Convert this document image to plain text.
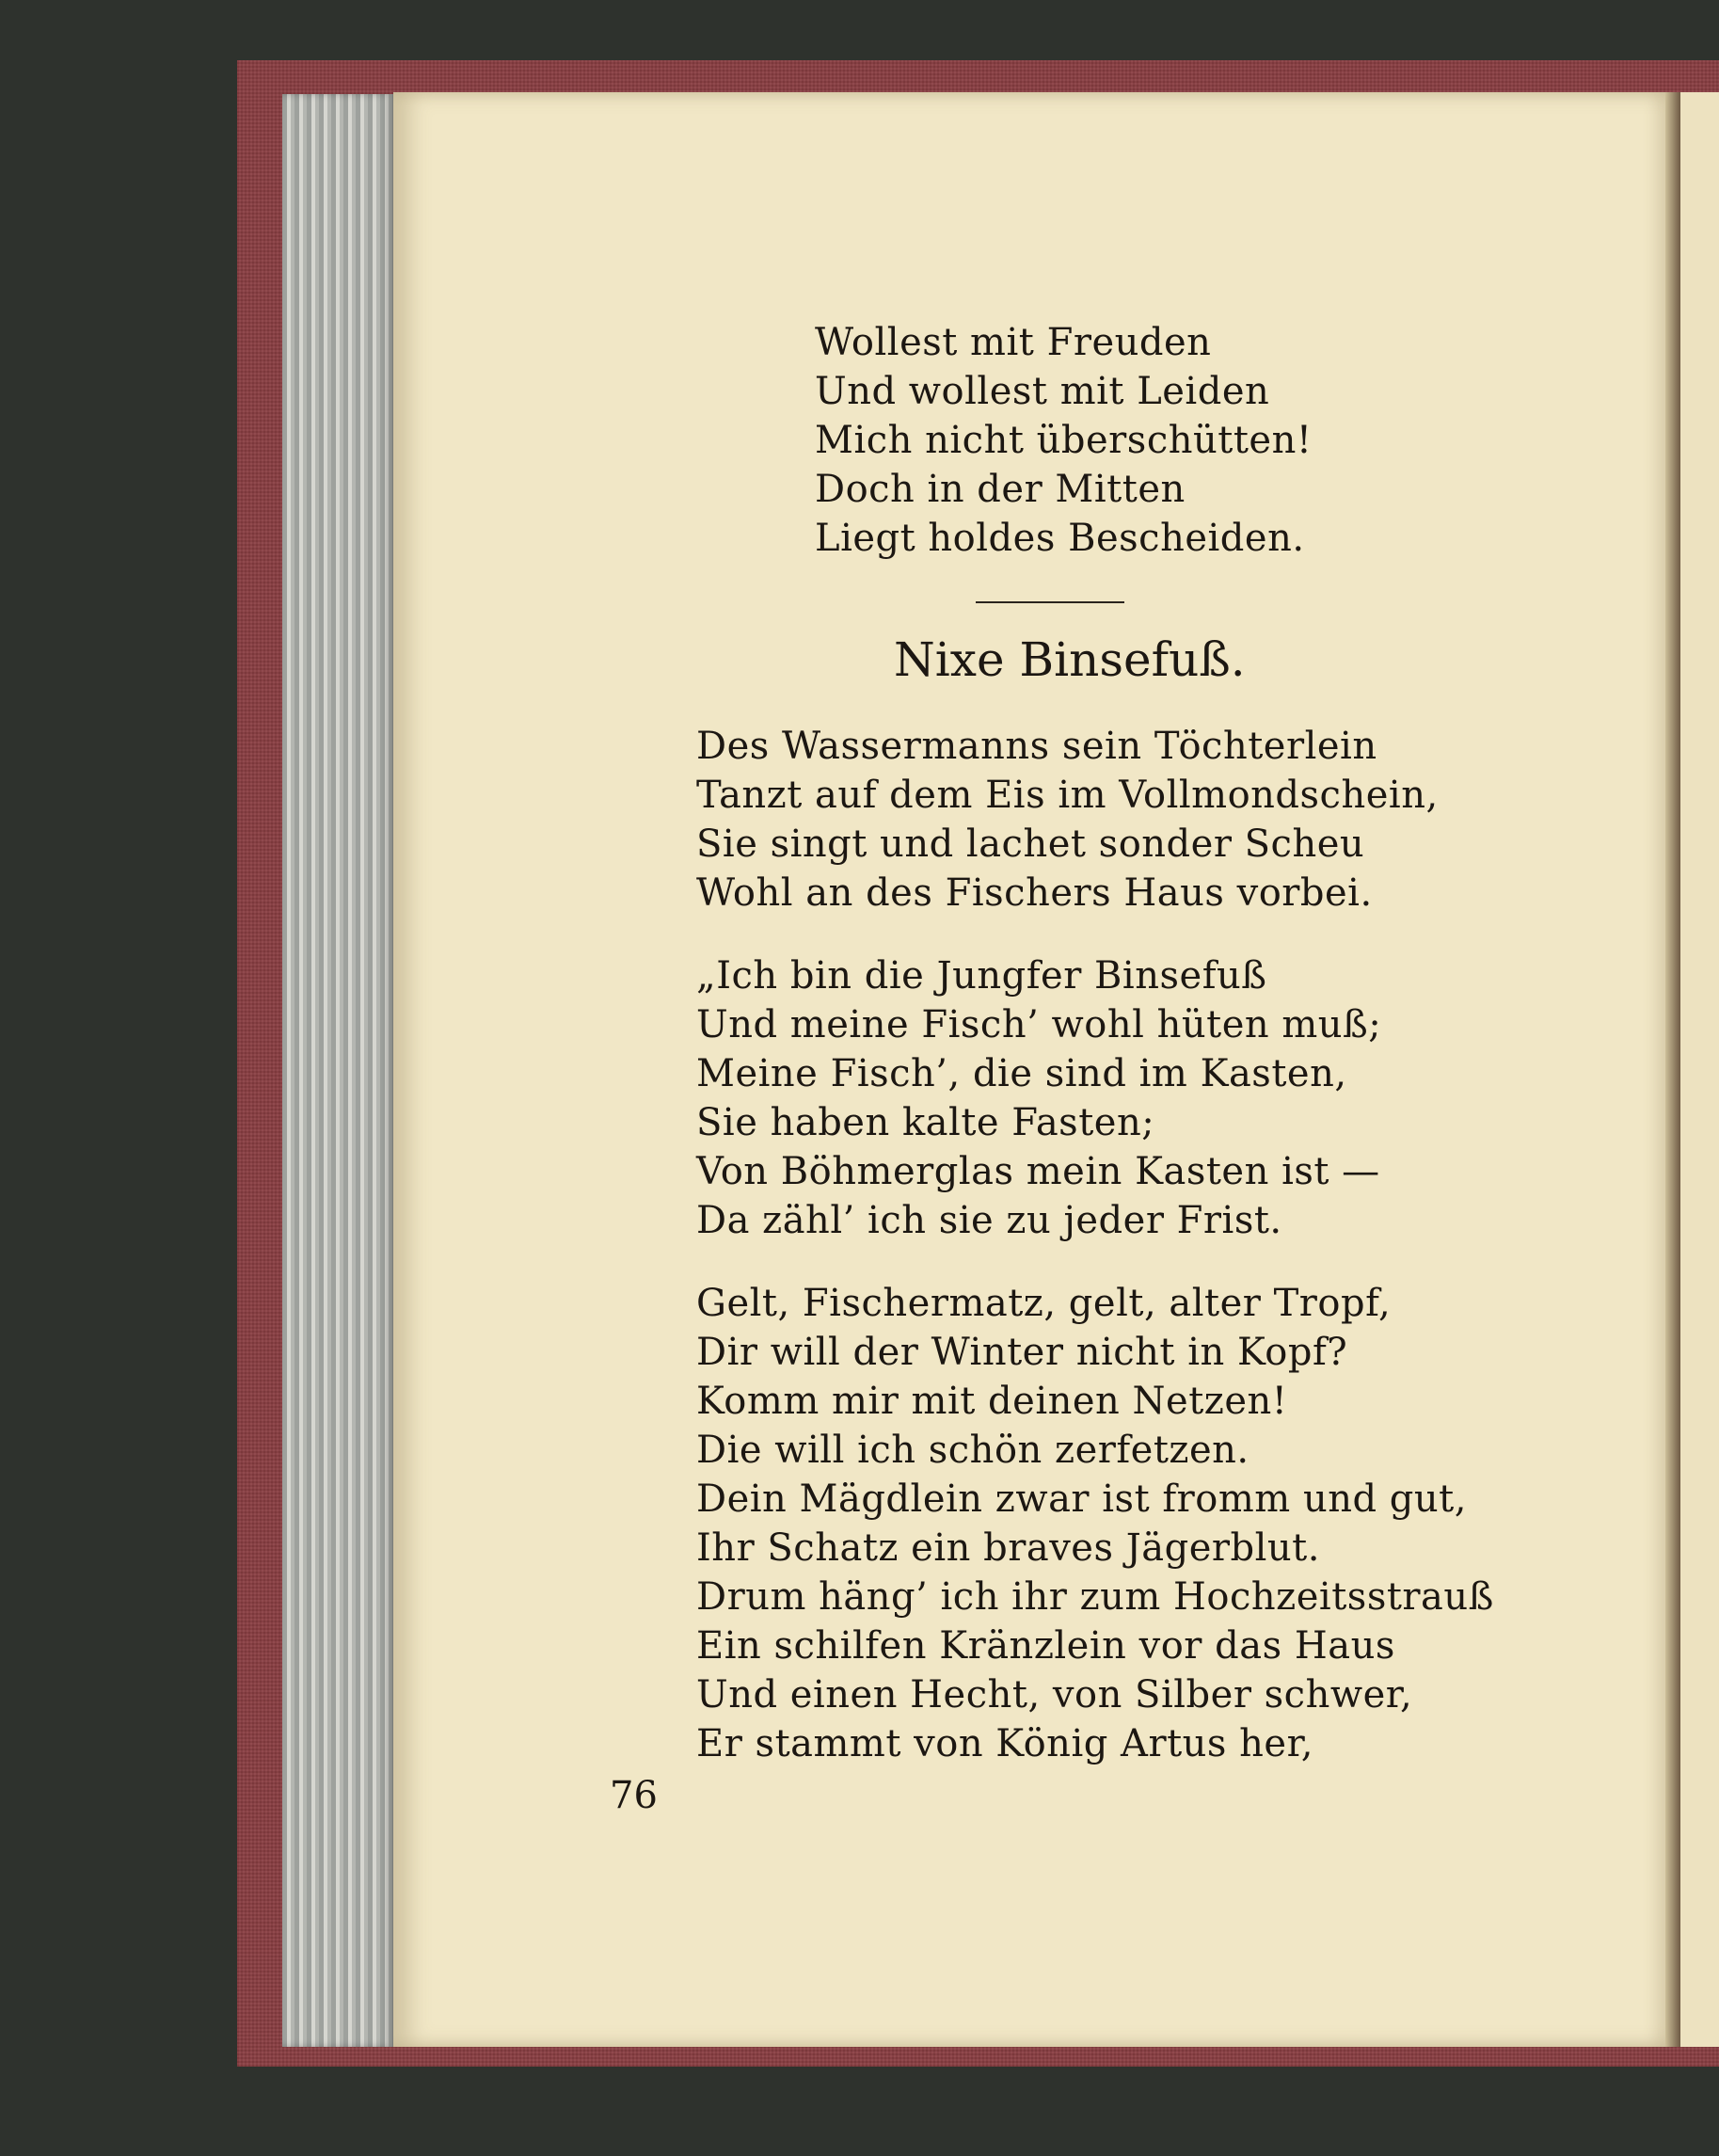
Wollest mit Freuden
Und wollest mit Leiden
Mich nicht überschütten!
Doch in der Mitten
Liegt holdes Bescheiden.
Nixe Binsefuß.
Des Wassermanns sein Töchterlein
Tanzt auf dem Eis im Vollmondschein,
Sie singt und lachet sonder Scheu
Wohl an des Fischers Haus vorbei.
„Ich bin die Jungfer Binsefuß
Und meine Fisch’ wohl hüten muß;
Meine Fisch’, die sind im Kasten,
Sie haben kalte Fasten;
Von Böhmerglas mein Kasten ist —
Da zähl’ ich sie zu jeder Frist.
Gelt, Fischermatz, gelt, alter Tropf,
Dir will der Winter nicht in Kopf?
Komm mir mit deinen Netzen!
Die will ich schön zerfetzen.
Dein Mägdlein zwar ist fromm und gut,
Ihr Schatz ein braves Jägerblut.
Drum häng’ ich ihr zum Hochzeitsstrauß
Ein schilfen Kränzlein vor das Haus
Und einen Hecht, von Silber schwer,
Er stammt von König Artus her,
76
